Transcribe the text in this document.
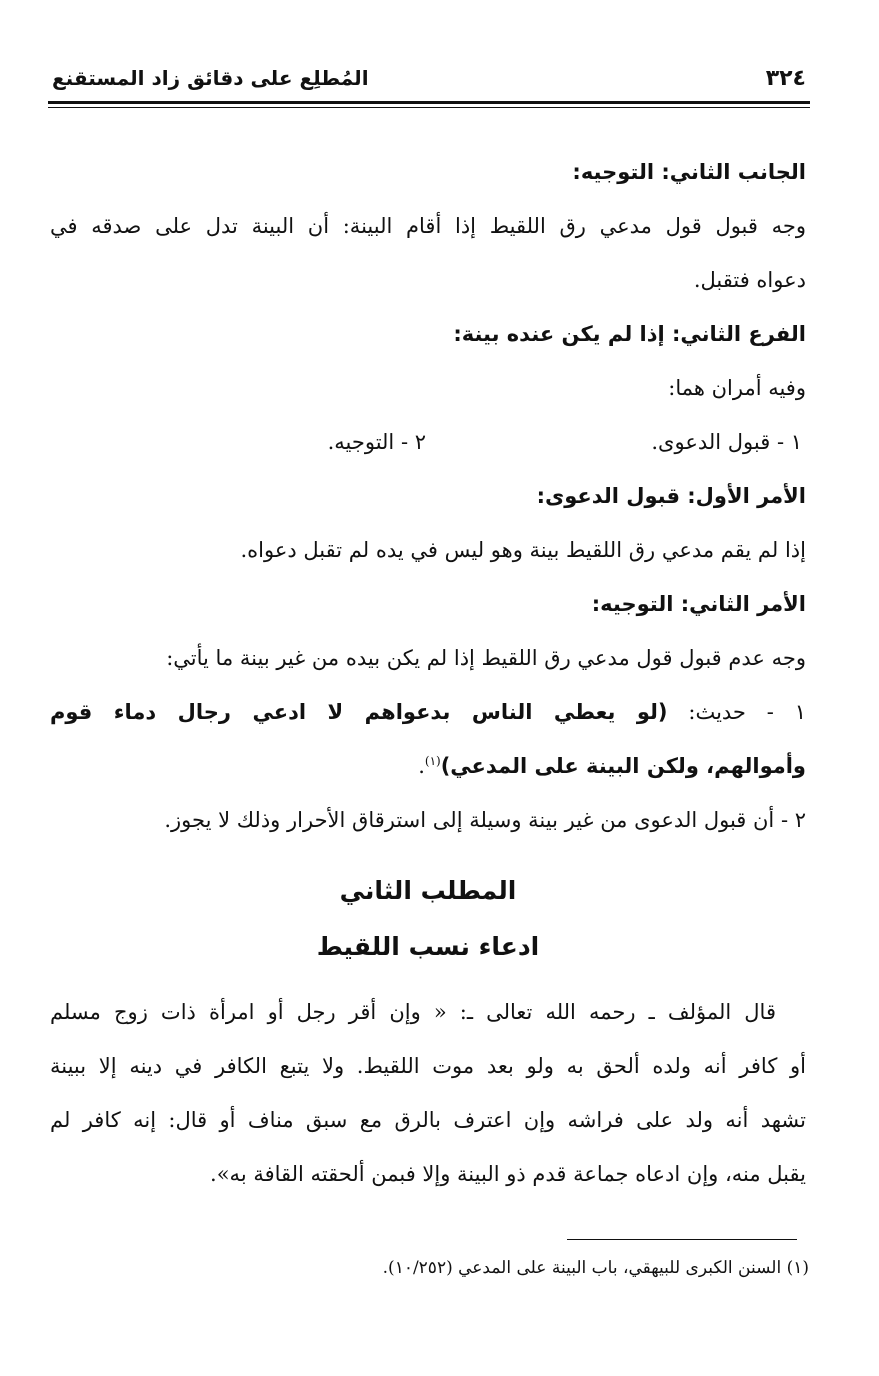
٣٢٤
المُطلِع على دقائق زاد المستقنع
الجانب الثاني: التوجيه:
وجه قبول قول مدعي رق اللقيط إذا أقام البينة: أن البينة تدل على صدقه في
دعواه فتقبل.
الفرع الثاني: إذا لم يكن عنده بينة:
وفيه أمران هما:
١ - قبول الدعوى.
٢ - التوجيه.
الأمر الأول: قبول الدعوى:
إذا لم يقم مدعي رق اللقيط بينة وهو ليس في يده لم تقبل دعواه.
الأمر الثاني: التوجيه:
وجه عدم قبول قول مدعي رق اللقيط إذا لم يكن بيده من غير بينة ما يأتي:
١ - حديث: (لو يعطي الناس بدعواهم لا ادعي رجال دماء قوم
وأموالهم، ولكن البينة على المدعي)$^{(١)}$.
٢ - أن قبول الدعوى من غير بينة وسيلة إلى استرقاق الأحرار وذلك لا يجوز.
المطلب الثاني
ادعاء نسب اللقيط
قال المؤلف ـ رحمه الله تعالى ـ: « وإن أقر رجل أو امرأة ذات زوج مسلم
أو كافر أنه ولده ألحق به ولو بعد موت اللقيط. ولا يتبع الكافر في دينه إلا ببينة
تشهد أنه ولد على فراشه وإن اعترف بالرق مع سبق مناف أو قال: إنه كافر لم
يقبل منه، وإن ادعاه جماعة قدم ذو البينة وإلا فبمن ألحقته القافة به».
(١) السنن الكبرى للبيهقي، باب البينة على المدعي (١٠/٢٥٢).
